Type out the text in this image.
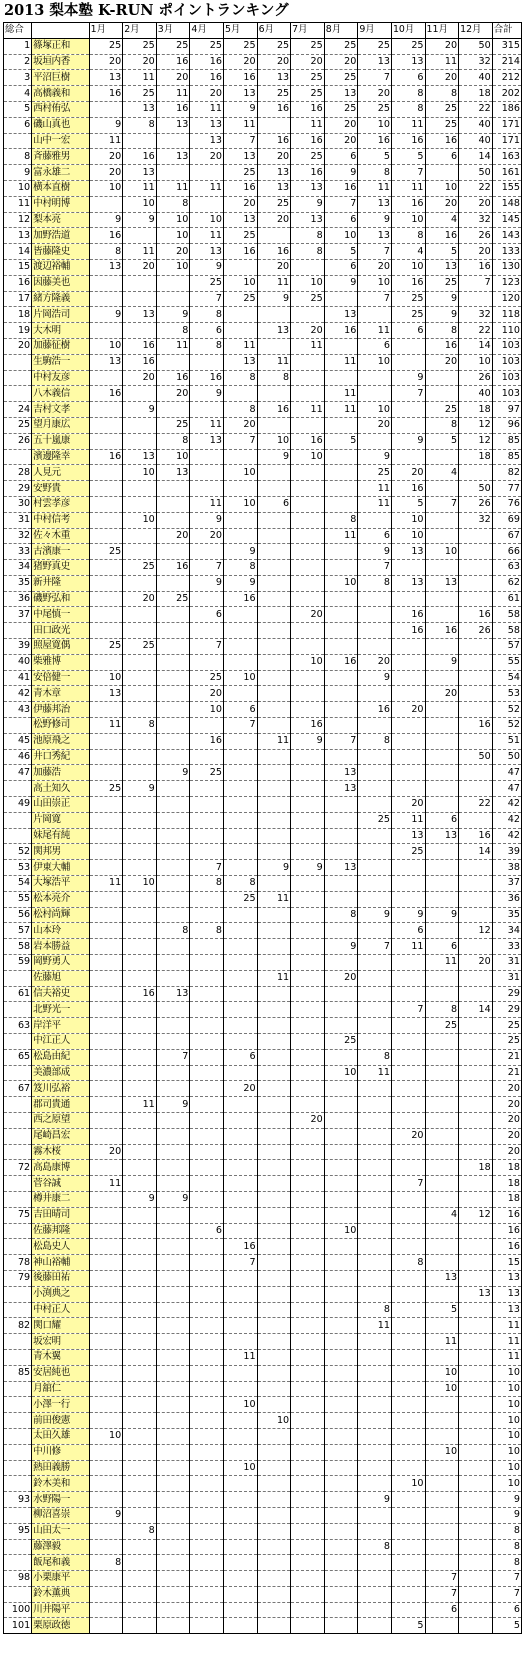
2013 梨本塾 K-RUN ポイントランキング
総合		1月	2月	3月	4月	5月	6月	7月	8月	9月	10月	11月	12月	合計
1	篠塚正和	25	25	25	25	25	25	25	25	25	25	20	50	315
2	坂垣内香	20	20	16	16	20	20	20	20	13	13	11	32	214
3	平沼巨樹	13	11	20	16	16	13	25	25	7	6	20	40	212
4	高橋義和	16	25	11	20	13	25	25	13	20	8	8	18	202
5	西村侑弘		13	16	11	9	16	16	25	25	8	25	22	186
6	磯山真也	9	8	13	13	11		11	20	10	11	25	40	171
	山中一宏	11			13	7	16	16	20	16	16	16	40	171
8	斉藤雅男	20	16	13	20	13	20	25	6	5	5	6	14	163
9	富永雄二	20	13			25	13	16	9	8	7		50	161
10	横本直樹	10	11	11	11	16	13	13	16	11	11	10	22	155
11	中村明博		10	8		20	25	9	7	13	16	20	20	148
12	梨本亮	9	9	10	10	13	20	13	6	9	10	4	32	145
13	加野浩道	16		10	11	25		8	10	13	8	16	26	143
14	皆藤隆史	8	11	20	13	16	16	8	5	7	4	5	20	133
15	渡辺裕輔	13	20	10	9		20		6	20	10	13	16	130
16	因藤美也				25	10	11	10	9	10	16	25	7	123
17	緒方隆義				7	25	9	25		7	25	9		120
18	片岡浩司	9	13	9	8				13		25	9	32	118
19	大木明			8	6		13	20	16	11	6	8	22	110
20	加藤征樹	10	16	11	8	11		11		6		16	14	103
	生駒浩一	13	16			13	11		11	10		20	10	103
	中村友彦		20	16	16	8	8				9		26	103
	八木義信	16		20	9				11		7		40	103
24	吉村文孝		9			8	16	11	11	10		25	18	97
25	望月康広			25	11	20				20		8	12	96
26	五十嵐康			8	13	7	10	16	5		9	5	12	85
	濱邊隆幸	16	13	10			9	10		9			18	85
28	人見元		10	13		10				25	20	4		82
29	安野貴									11	16		50	77
30	村雲孝彦				11	10	6			11	5	7	26	76
31	中村信考		10		9				8		10		32	69
32	佐々木重			20	20				11	6	10			67
33	古濱康一	25				9				9	13	10		66
34	猪野真史		25	16	7	8				7				63
35	新井隆				9	9			10	8	13	13		62
36	磯野弘和		20	25		16								61
37	中尾慎一				6			20			16		16	58
	田口政光										16	16	26	58
39	照屋寛偶	25	25		7									57
40	柴雅博							10	16	20		9		55
41	安倍健一	10			25	10				9				54
42	青木章	13			20							20		53
43	伊藤邦治				10	6				16	20			52
	松野修司	11	8			7		16					16	52
45	池原飛之				16		11	9	7	8				51
46	井口秀紀												50	50
47	加藤浩			9	25				13					47
	高土知久	25	9						13					47
49	山田崇正										20		22	42
	片岡寛									25	11	6		42
	妹尾有純										13	13	16	42
52	関邦男										25		14	39
53	伊東大輔				7		9	9	13					38
54	大塚浩平	11	10		8	8								37
55	松本亮介					25	11							36
56	松村尚輝								8	9	9	9		35
57	山本玲			8	8						6		12	34
58	岩本勝益								9	7	11	6		33
59	岡野勇人											11	20	31
	佐藤旭						11		20					31
61	信夫裕史		16	13										29
	北野光一										7	8	14	29
63	岸洋平											25		25
	中江正人								25					25
65	松島由紀			7		6				8				21
	美濃部成								10	11				21
67	笈川弘裕					20								20
	郡司貴通		11	9										20
	西之原望							20						20
	尾崎昌宏										20			20
	霧木桜	20												20
72	高島康博												18	18
	菅谷誠	11									7			18
	樽井康二		9	9										18
75	吉田晴司											4	12	16
	佐藤邦隆				6				10					16
	松島史人					16								16
78	神山裕輔					7					8			15
79	後藤田祐											13		13
	小渕典之												13	13
	中村正人									8		5		13
82	関口耀									11				11
	坂宏明											11		11
	青木翼					11								11
85	安居純也											10		10
	月舘仁											10		10
	小澤一行					10								10
	前田俊憲						10							10
	太田久雄	10												10
	中川修											10		10
	熱田義勝					10								10
	鈴木美和										10			10
93	水野陽一									9				9
	柳沼喜崇	9												9
95	山田太一		8											8
	藤澤毅									8				8
	飯尾和義	8												8
98	小栗康平											7		7
	鈴木薫典											7		7
100	川井陽平											6		6
101	栗原政徳										5			5
